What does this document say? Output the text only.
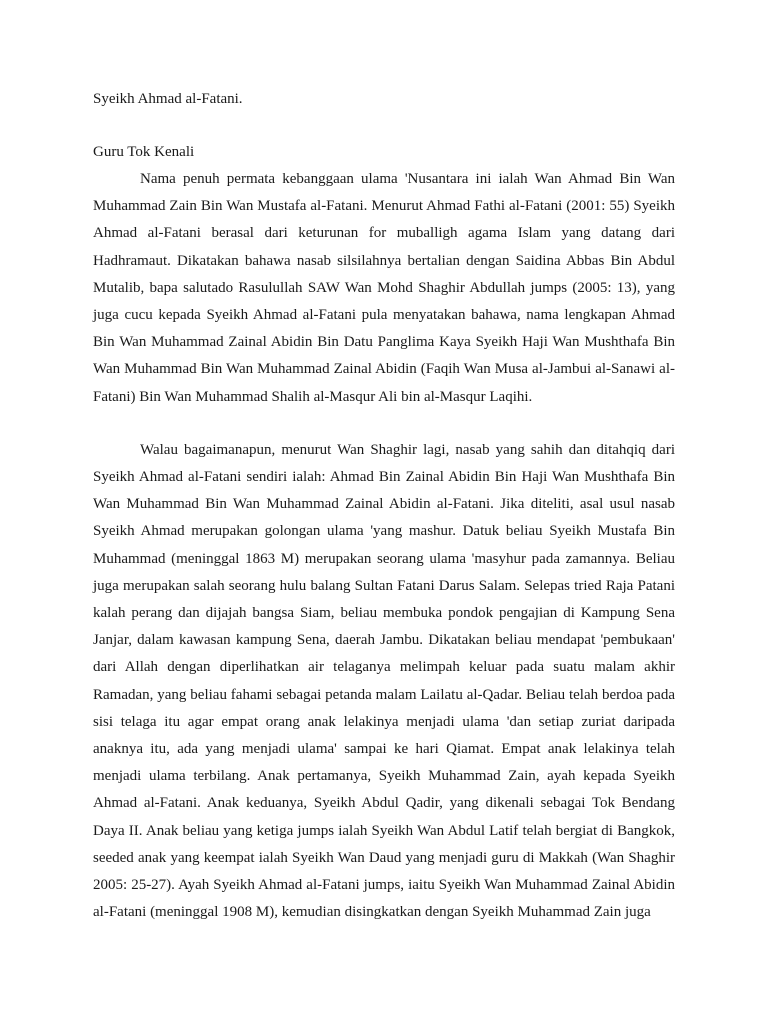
Syeikh Ahmad al-Fatani.

Guru Tok Kenali

Nama penuh permata kebanggaan ulama 'Nusantara ini ialah Wan Ahmad Bin Wan Muhammad Zain Bin Wan Mustafa al-Fatani. Menurut Ahmad Fathi al-Fatani (2001: 55) Syeikh Ahmad al-Fatani berasal dari keturunan for muballigh agama Islam yang datang dari Hadhramaut. Dikatakan bahawa nasab silsilahnya bertalian dengan Saidina Abbas Bin Abdul Mutalib, bapa salutado Rasulullah SAW Wan Mohd Shaghir Abdullah jumps (2005: 13), yang juga cucu kepada Syeikh Ahmad al-Fatani pula menyatakan bahawa, nama lengkapan Ahmad Bin Wan Muhammad Zainal Abidin Bin Datu Panglima Kaya Syeikh Haji Wan Mushthafa Bin Wan Muhammad Bin Wan Muhammad Zainal Abidin (Faqih Wan Musa al-Jambui al-Sanawi al-Fatani) Bin Wan Muhammad Shalih al-Masqur Ali bin al-Masqur Laqihi.

Walau bagaimanapun, menurut Wan Shaghir lagi, nasab yang sahih dan ditahqiq dari Syeikh Ahmad al-Fatani sendiri ialah: Ahmad Bin Zainal Abidin Bin Haji Wan Mushthafa Bin Wan Muhammad Bin Wan Muhammad Zainal Abidin al-Fatani. Jika diteliti, asal usul nasab Syeikh Ahmad merupakan golongan ulama 'yang mashur. Datuk beliau Syeikh Mustafa Bin Muhammad (meninggal 1863 M) merupakan seorang ulama 'masyhur pada zamannya. Beliau juga merupakan salah seorang hulu balang Sultan Fatani Darus Salam. Selepas tried Raja Patani kalah perang dan dijajah bangsa Siam, beliau membuka pondok pengajian di Kampung Sena Janjar, dalam kawasan kampung Sena, daerah Jambu. Dikatakan beliau mendapat 'pembukaan' dari Allah dengan diperlihatkan air telaganya melimpah keluar pada suatu malam akhir Ramadan, yang beliau fahami sebagai petanda malam Lailatu al-Qadar. Beliau telah berdoa pada sisi telaga itu agar empat orang anak lelakinya menjadi ulama 'dan setiap zuriat daripada anaknya itu, ada yang menjadi ulama' sampai ke hari Qiamat. Empat anak lelakinya telah menjadi ulama terbilang. Anak pertamanya, Syeikh Muhammad Zain, ayah kepada Syeikh Ahmad al-Fatani. Anak keduanya, Syeikh Abdul Qadir, yang dikenali sebagai Tok Bendang Daya II. Anak beliau yang ketiga jumps ialah Syeikh Wan Abdul Latif telah bergiat di Bangkok, seeded anak yang keempat ialah Syeikh Wan Daud yang menjadi guru di Makkah (Wan Shaghir 2005: 25-27). Ayah Syeikh Ahmad al-Fatani jumps, iaitu Syeikh Wan Muhammad Zainal Abidin al-Fatani (meninggal 1908 M), kemudian disingkatkan dengan Syeikh Muhammad Zain juga
